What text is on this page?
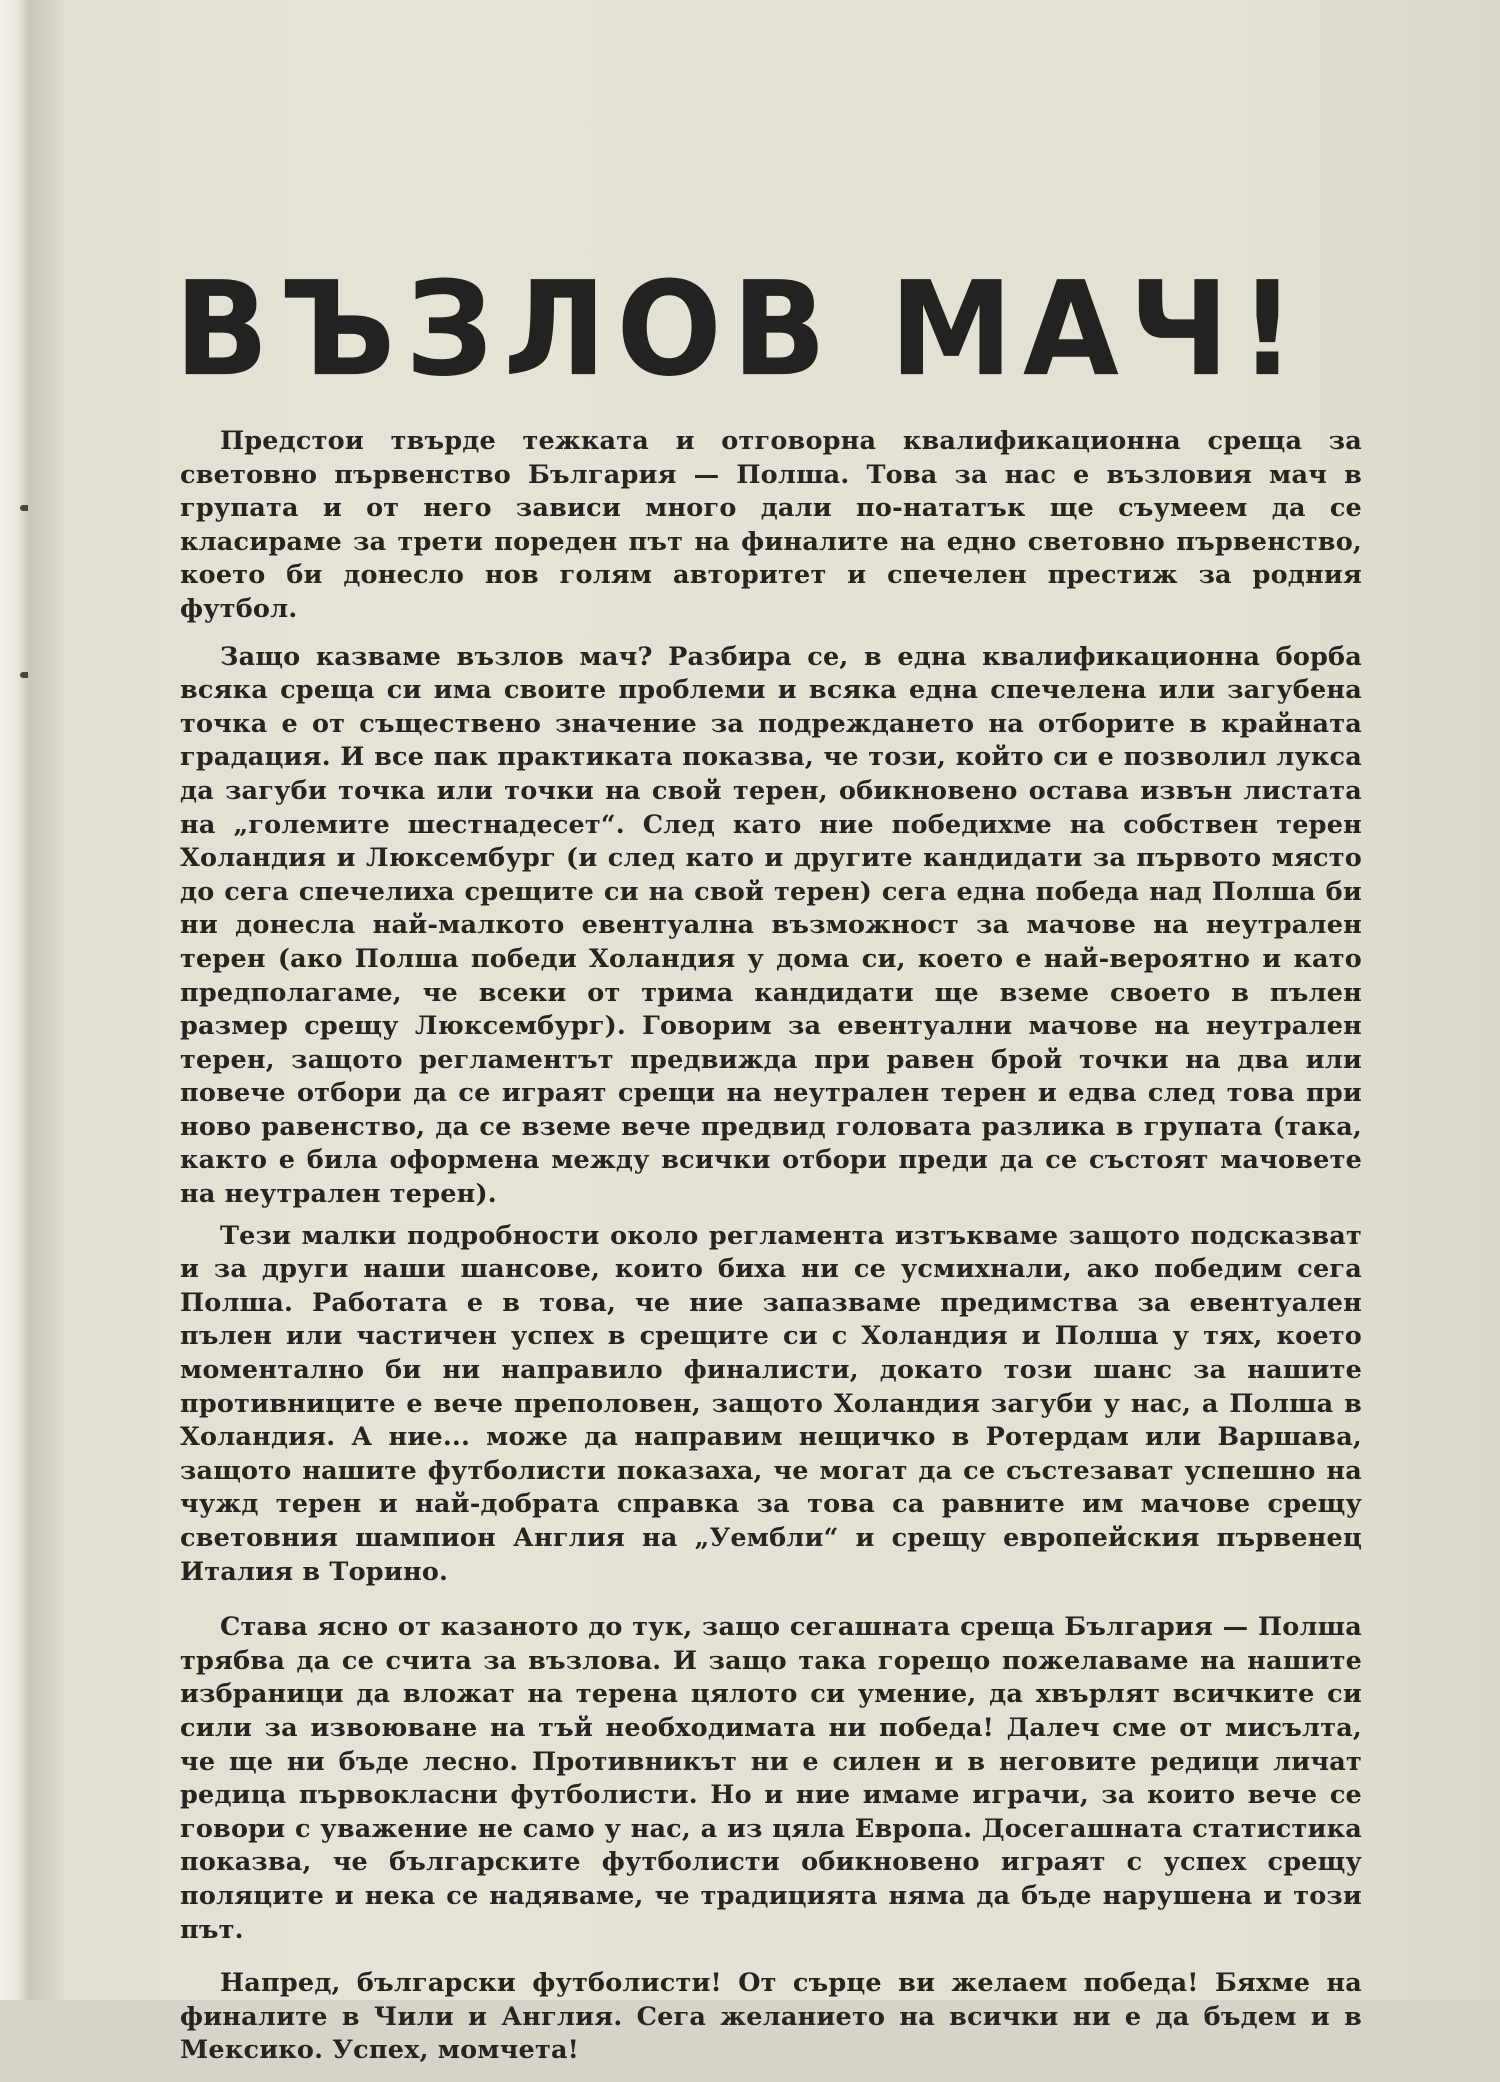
ВЪЗЛОВ МАЧ!

Предстои твърде тежката и отговорна квалификационна среща за световно първенство България — Полша. Това за нас е възловия мач в групата и от него зависи много дали по-нататък ще съумеем да се класираме за трети пореден път на финалите на едно световно първенство, което би донесло нов голям авторитет и спечелен престиж за родния футбол.

Защо казваме възлов мач? Разбира се, в една квалификационна борба всяка среща си има своите проблеми и всяка една спечелена или загубена точка е от съществено значение за подреждането на отборите в крайната градация. И все пак практиката показва, че този, който си е позволил лукса да загуби точка или точки на свой терен, обикновено остава извън листата на „големите шестнадесет“. След като ние победихме на собствен терен Холандия и Люксембург (и след като и другите кандидати за първото място до сега спечелиха срещите си на свой терен) сега една победа над Полша би ни донесла най-малкото евентуална възможност за мачове на неутрален терен (ако Полша победи Холандия у дома си, което е най-вероятно и като предполагаме, че всеки от трима кандидати ще вземе своето в пълен размер срещу Люксембург). Говорим за евентуални мачове на неутрален терен, защото регламентът предвижда при равен брой точки на два или повече отбори да се играят срещи на неутрален терен и едва след това при ново равенство, да се вземе вече предвид головата разлика в групата (така, както е била оформена между всички отбори преди да се състоят мачовете на неутрален терен).

Тези малки подробности около регламента изтъкваме защото подсказват и за други наши шансове, които биха ни се усмихнали, ако победим сега Полша. Работата е в това, че ние запазваме предимства за евентуален пълен или частичен успех в срещите си с Холандия и Полша у тях, което моментално би ни направило финалисти, докато този шанс за нашите противниците е вече преполовен, защото Холандия загуби у нас, а Полша в Холандия. А ние... може да направим нещичко в Ротердам или Варшава, защото нашите футболисти показаха, че могат да се състезават успешно на чужд терен и най-добрата справка за това са равните им мачове срещу световния шампион Англия на „Уембли“ и срещу европейския първенец Италия в Торино.

Става ясно от казаното до тук, защо сегашната среща България — Полша трябва да се счита за възлова. И защо така горещо пожелаваме на нашите избраници да вложат на терена цялото си умение, да хвърлят всичките си сили за извоюване на тъй необходимата ни победа! Далеч сме от мисълта, че ще ни бъде лесно. Противникът ни е силен и в неговите редици личат редица първокласни футболисти. Но и ние имаме играчи, за които вече се говори с уважение не само у нас, а из цяла Европа. Досегашната статистика показва, че българските футболисти обикновено играят с успех срещу поляците и нека се надяваме, че традицията няма да бъде нарушена и този път.

Напред, български футболисти! От сърце ви желаем победа! Бяхме на финалите в Чили и Англия. Сега желанието на всички ни е да бъдем и в Мексико. Успех, момчета!
